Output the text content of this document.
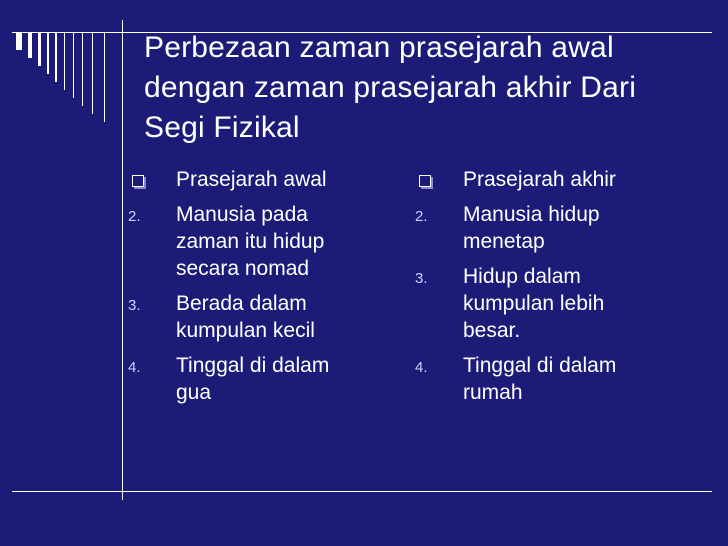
Perbezaan zaman prasejarah awal dengan zaman prasejarah akhir Dari Segi Fizikal
Prasejarah awal
2.	Manusia pada zaman itu hidup secara nomad
3.	Berada dalam kumpulan kecil
4.	Tinggal di dalam gua
Prasejarah akhir
2.	Manusia hidup menetap
3.	Hidup dalam kumpulan lebih besar.
4.	Tinggal di dalam rumah
